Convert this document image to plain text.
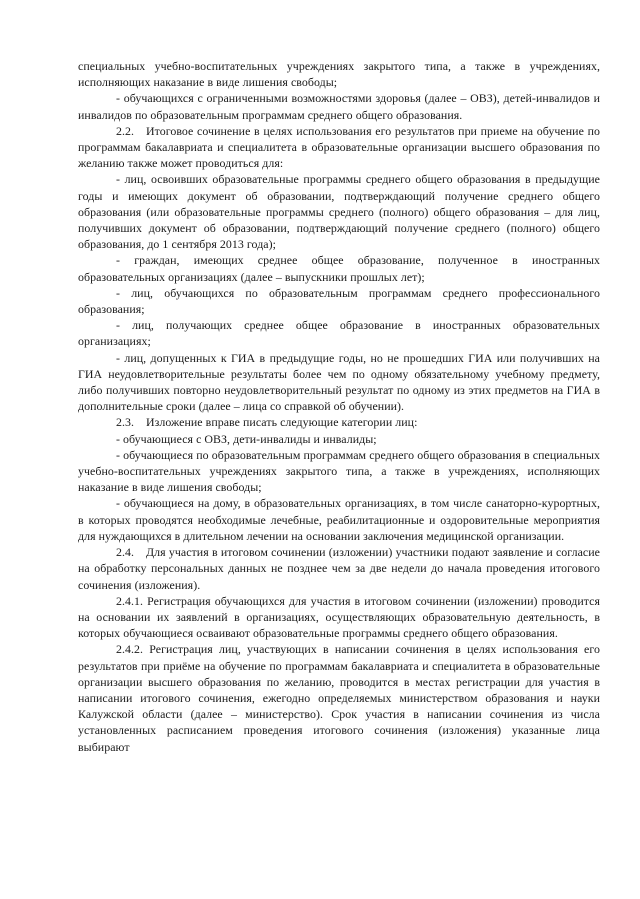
специальных учебно-воспитательных учреждениях закрытого типа, а также в учреждениях, исполняющих наказание в виде лишения свободы;

- обучающихся с ограниченными возможностями здоровья (далее – ОВЗ), детей-инвалидов и инвалидов по образовательным программам среднего общего образования.

2.2. Итоговое сочинение в целях использования его результатов при приеме на обучение по программам бакалавриата и специалитета в образовательные организации высшего образования по желанию также может проводиться для:

- лиц, освоивших образовательные программы среднего общего образования в предыдущие годы и имеющих документ об образовании, подтверждающий получение среднего общего образования (или образовательные программы среднего (полного) общего образования – для лиц, получивших документ об образовании, подтверждающий получение среднего (полного) общего образования, до 1 сентября 2013 года);

- граждан, имеющих среднее общее образование, полученное в иностранных образовательных организациях (далее – выпускники прошлых лет);

- лиц, обучающихся по образовательным программам среднего профессионального образования;

- лиц, получающих среднее общее образование в иностранных образовательных организациях;

- лиц, допущенных к ГИА в предыдущие годы, но не прошедших ГИА или получивших на ГИА неудовлетворительные результаты более чем по одному обязательному учебному предмету, либо получивших повторно неудовлетворительный результат по одному из этих предметов на ГИА в дополнительные сроки (далее – лица со справкой об обучении).

2.3. Изложение вправе писать следующие категории лиц:

- обучающиеся с ОВЗ, дети-инвалиды и инвалиды;

- обучающиеся по образовательным программам среднего общего образования в специальных учебно-воспитательных учреждениях закрытого типа, а также в учреждениях, исполняющих наказание в виде лишения свободы;

- обучающиеся на дому, в образовательных организациях, в том числе санаторно-курортных, в которых проводятся необходимые лечебные, реабилитационные и оздоровительные мероприятия для нуждающихся в длительном лечении на основании заключения медицинской организации.

2.4. Для участия в итоговом сочинении (изложении) участники подают заявление и согласие на обработку персональных данных не позднее чем за две недели до начала проведения итогового сочинения (изложения).

2.4.1. Регистрация обучающихся для участия в итоговом сочинении (изложении) проводится на основании их заявлений в организациях, осуществляющих образовательную деятельность, в которых обучающиеся осваивают образовательные программы среднего общего образования.

2.4.2. Регистрация лиц, участвующих в написании сочинения в целях использования его результатов при приёме на обучение по программам бакалавриата и специалитета в образовательные организации высшего образования по желанию, проводится в местах регистрации для участия в написании итогового сочинения, ежегодно определяемых министерством образования и науки Калужской области (далее – министерство). Срок участия в написании сочинения из числа установленных расписанием проведения итогового сочинения (изложения) указанные лица выбирают
